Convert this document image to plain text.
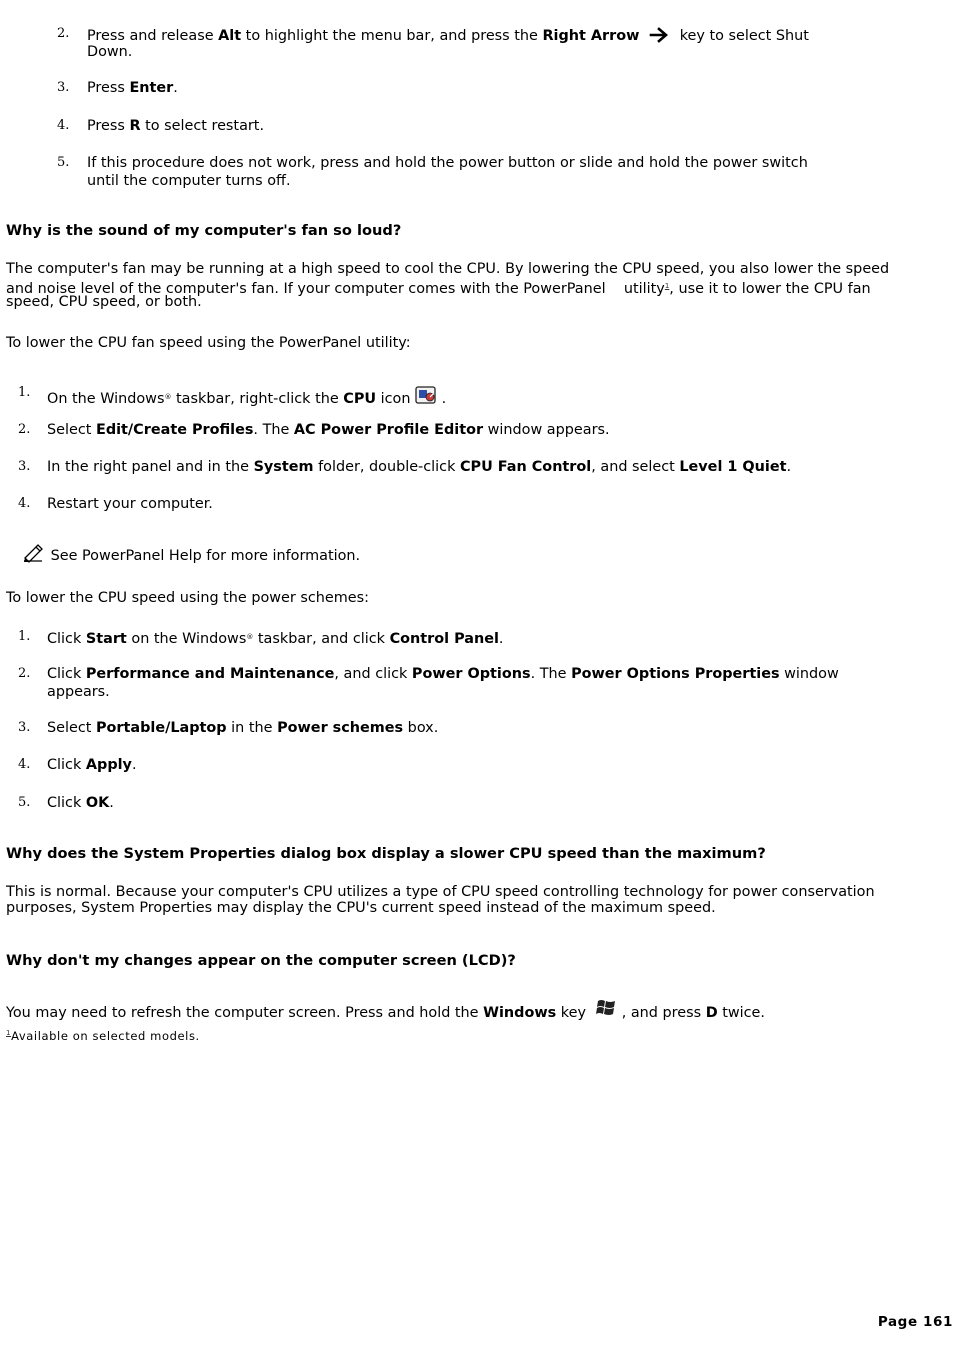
2. Press and release Alt to highlight the menu bar, and press the Right Arrow    key to select Shut
Down.
3. Press Enter.
4. Press R to select restart.
5. If this procedure does not work, press and hold the power button or slide and hold the power switch
until the computer turns off.
Why is the sound of my computer's fan so loud?
The computer's fan may be running at a high speed to cool the CPU. By lowering the CPU speed, you also lower the speed
and noise level of the computer's fan. If your computer comes with the PowerPanel utility$^1$, use it to lower the CPU fan
speed, CPU speed, or both.
To lower the CPU fan speed using the PowerPanel utility:
1. On the Windows® taskbar, right-click the CPU icon .
2. Select Edit/Create Profiles. The AC Power Profile Editor window appears.
3. In the right panel and in the System folder, double-click CPU Fan Control, and select Level 1 Quiet.
4. Restart your computer.
See PowerPanel Help for more information.
To lower the CPU speed using the power schemes:
1. Click Start on the Windows® taskbar, and click Control Panel.
2. Click Performance and Maintenance, and click Power Options. The Power Options Properties window
appears.
3. Select Portable/Laptop in the Power schemes box.
4. Click Apply.
5. Click OK.
Why does the System Properties dialog box display a slower CPU speed than the maximum?
This is normal. Because your computer's CPU utilizes a type of CPU speed controlling technology for power conservation
purposes, System Properties may display the CPU's current speed instead of the maximum speed.
Why don't my changes appear on the computer screen (LCD)?
You may need to refresh the computer screen. Press and hold the Windows key , and press D twice.
$^1$Available on selected models.
Page 161
